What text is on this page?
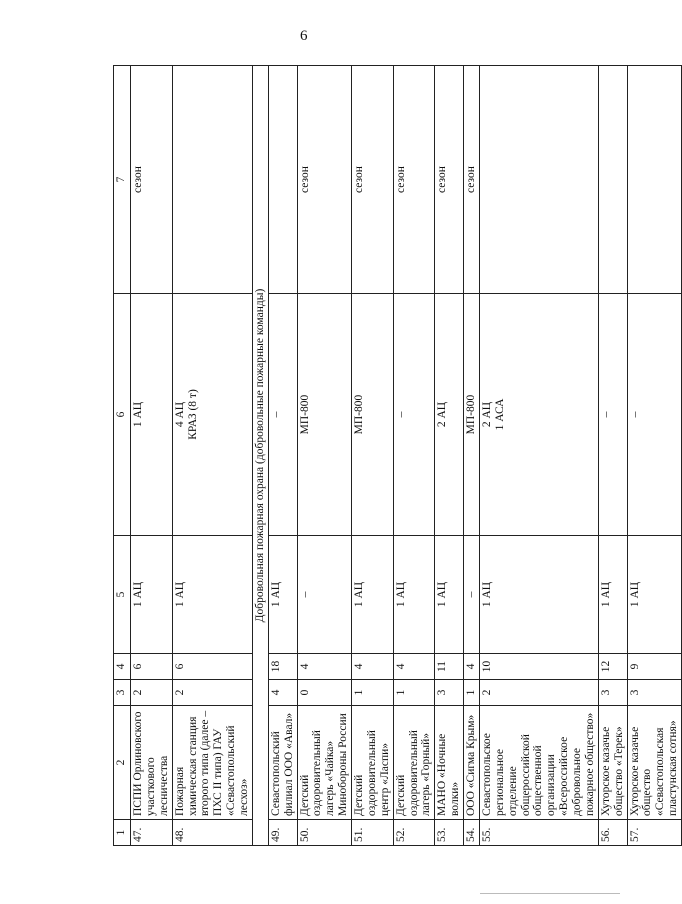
6
1	2	3	4	5	6	7
47.	ПСПИ Орлиновского участкового лесничества	2	6	1 АЦ	1 АЦ	сезон
48.	Пожарная химическая станция второго типа (далее – ПХС II типа) ГАУ «Севастопольский лесхоз»	2	6	1 АЦ	4 АЦ
КРАЗ (8 т)	
Добровольная пожарная охрана (добровольные пожарные команды)						
49.	Севастопольский филиал ООО «Авал»	4	18	1 АЦ	–	
50.	Детский оздоровительный лагерь «Чайка» Минобороны России	0	4	–	МП-800	сезон
51.	Детский оздоровительный центр «Ласпи»	1	4	1 АЦ	МП-800	сезон
52.	Детский оздоровительный лагерь «Горный»	1	4	1 АЦ	–	сезон
53.	МАНО «Ночные волки»	3	11	1 АЦ	2 АЦ	сезон
54.	ООО «Сигма Крым»	1	4	–	МП-800	сезон
55.	Севастопольское региональное отделение общероссийской общественной организации «Всероссийское добровольное пожарное общество»	2	10	1 АЦ	2 АЦ
1 АСА	
56.	Хуторское казачье общество «Терек»	3	12	1 АЦ	–	
57.	Хуторское казачье общество «Севастопольская пластунская сотня»	3	9	1 АЦ	–	
